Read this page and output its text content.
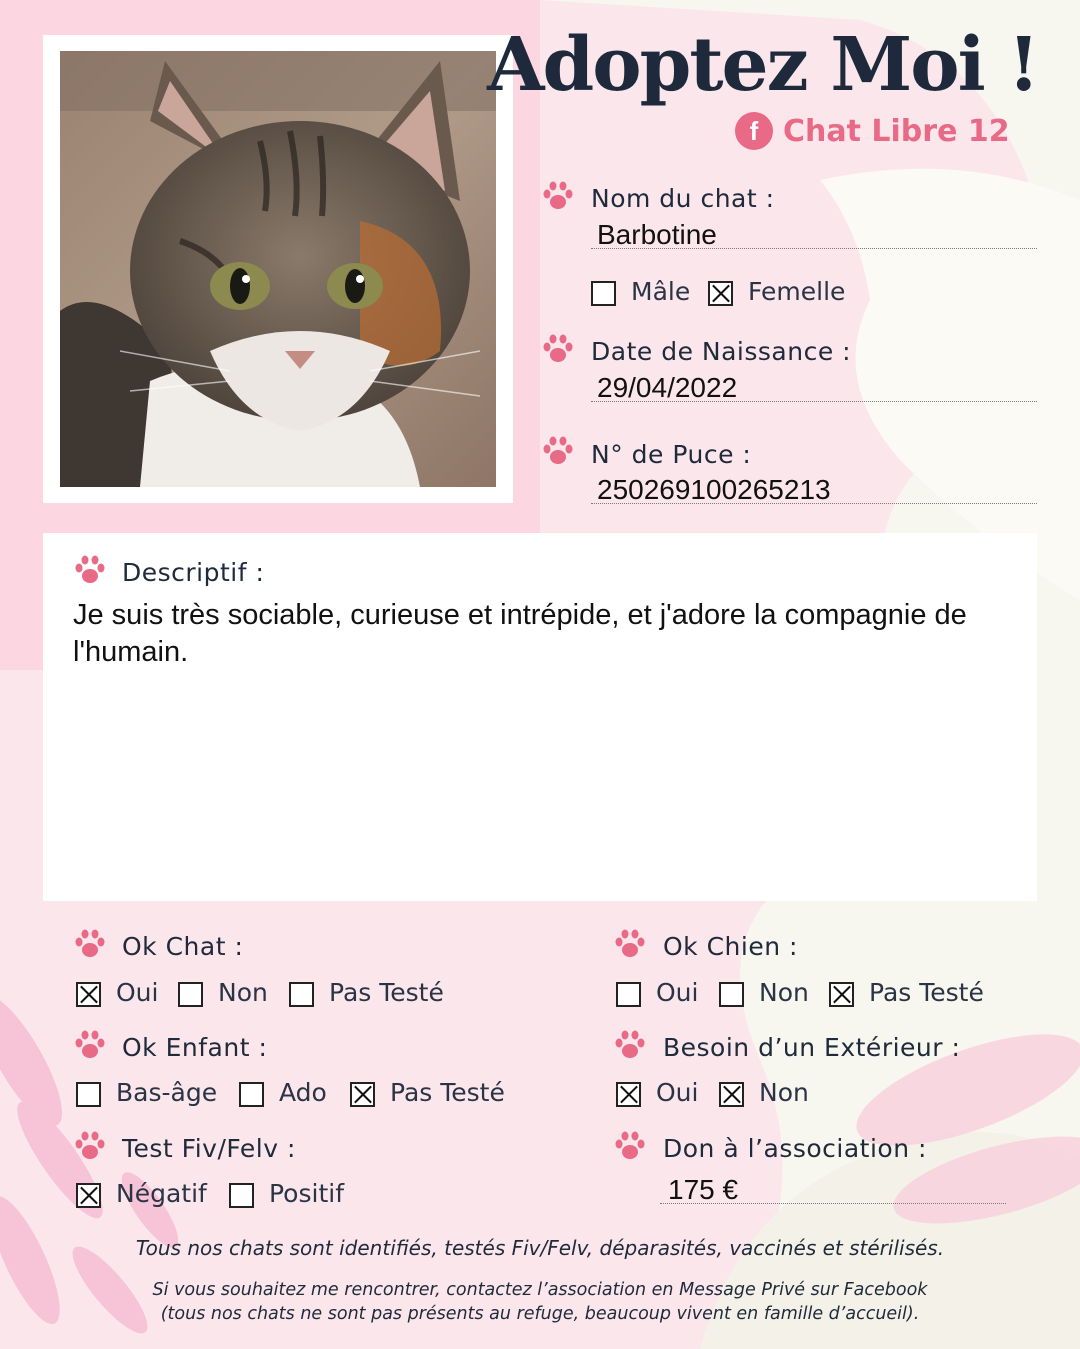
Adoptez Moi !
f Chat Libre 12
Nom du chat :
Barbotine
Mâle Femelle
Date de Naissance :
29/04/2022
N° de Puce :
250269100265213
Descriptif :
Je suis très sociable, curieuse et intrépide, et j'adore la compagnie de l'humain.
Ok Chat :
Oui Non Pas Testé
Ok Enfant :
Bas-âge Ado	Pas Testé
Test Fiv/Felv :
Négatif Positif
Ok Chien :
Oui Non Pas Testé
Besoin d’un Extérieur :
Oui Non
Don à l’association :
175 €
Tous nos chats sont identifiés, testés Fiv/Felv, déparasités, vaccinés et stérilisés.
Si vous souhaitez me rencontrer, contactez l’association en Message Privé sur Facebook
(tous nos chats ne sont pas présents au refuge, beaucoup vivent en famille d’accueil).
